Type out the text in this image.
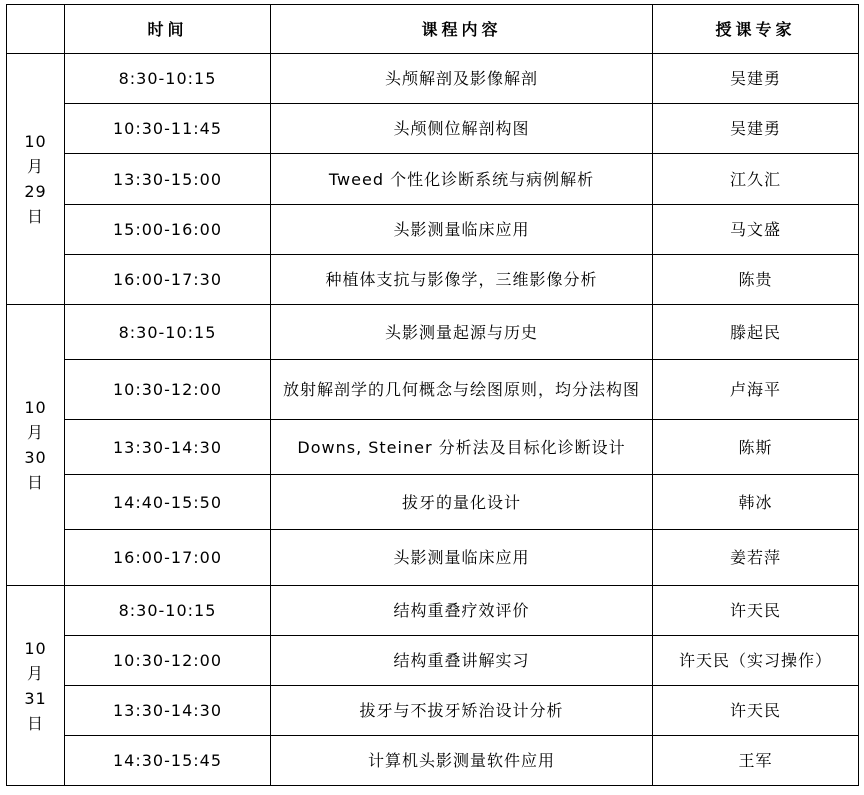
	时间	课程内容	授课专家

10
月
29
日	8:30-10:15	头颅解剖及影像解剖	吴建勇
	10:30-11:45	头颅侧位解剖构图	吴建勇
	13:30-15:00	Tweed 个性化诊断系统与病例解析	江久汇
	15:00-16:00	头影测量临床应用	马文盛
	16:00-17:30	种植体支抗与影像学，三维影像分析	陈贵

10
月
30
日	8:30-10:15	头影测量起源与历史	滕起民
	10:30-12:00	放射解剖学的几何概念与绘图原则，均分法构图	卢海平
	13:30-14:30	Downs, Steiner 分析法及目标化诊断设计	陈斯
	14:40-15:50	拔牙的量化设计	韩冰
	16:00-17:00	头影测量临床应用	姜若萍

10
月
31
日	8:30-10:15	结构重叠疗效评价	许天民
	10:30-12:00	结构重叠讲解实习	许天民（实习操作）
	13:30-14:30	拔牙与不拔牙矫治设计分析	许天民
	14:30-15:45	计算机头影测量软件应用	王军
